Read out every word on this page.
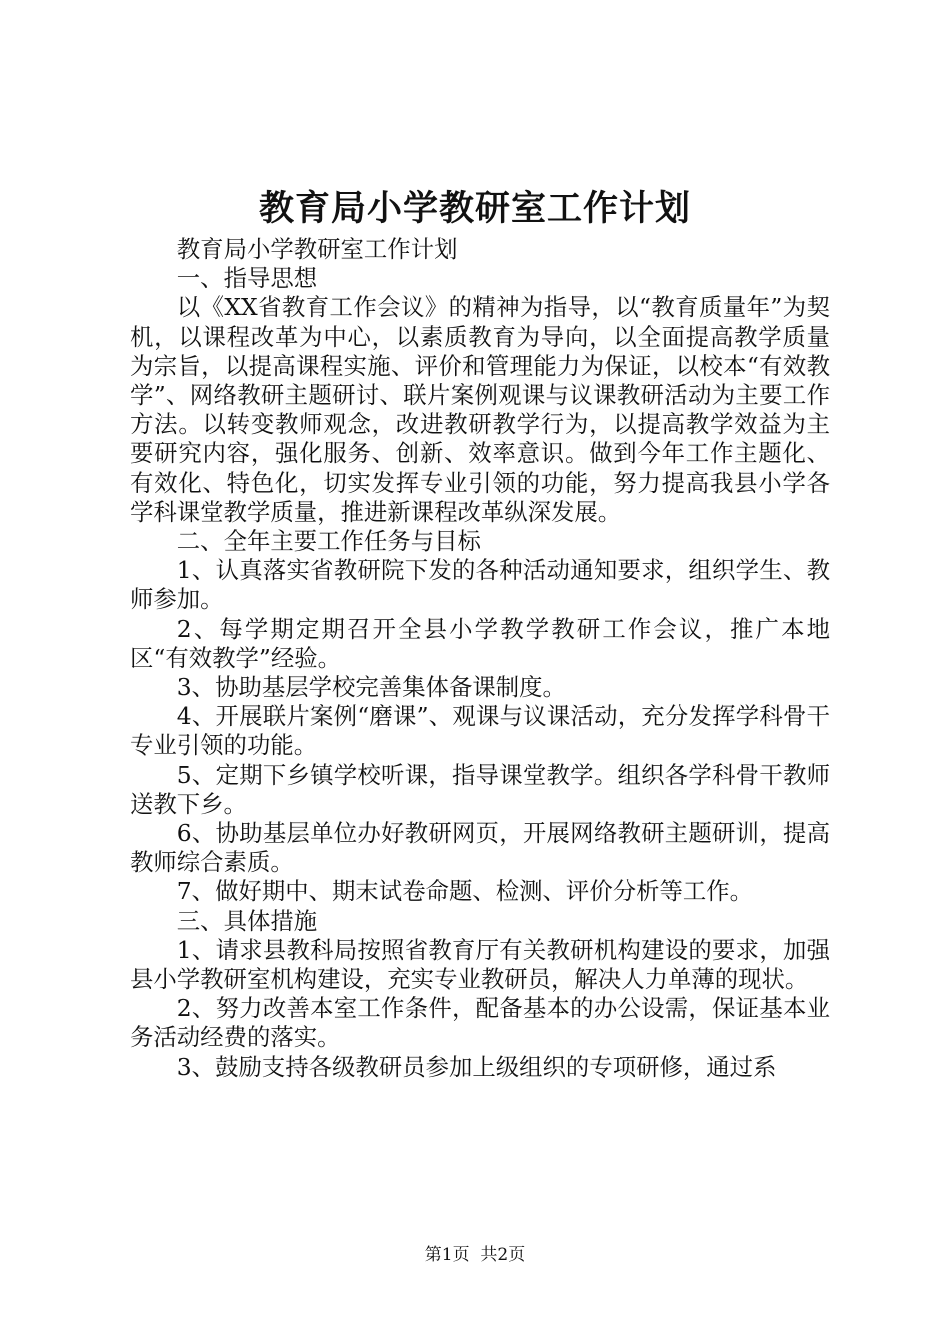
教育局小学教研室工作计划

教育局小学教研室工作计划

一、指导思想

以《XX省教育工作会议》的精神为指导，以“教育质量年”为契机，以课程改革为中心，以素质教育为导向，以全面提高教学质量为宗旨，以提高课程实施、评价和管理能力为保证，以校本“有效教学”、网络教研主题研讨、联片案例观课与议课教研活动为主要工作方法。以转变教师观念，改进教研教学行为，以提高教学效益为主要研究内容，强化服务、创新、效率意识。做到今年工作主题化、有效化、特色化，切实发挥专业引领的功能，努力提高我县小学各学科课堂教学质量，推进新课程改革纵深发展。

二、全年主要工作任务与目标

1、认真落实省教研院下发的各种活动通知要求，组织学生、教师参加。

2、每学期定期召开全县小学教学教研工作会议，推广本地区“有效教学”经验。

3、协助基层学校完善集体备课制度。

4、开展联片案例“磨课”、观课与议课活动，充分发挥学科骨干专业引领的功能。

5、定期下乡镇学校听课，指导课堂教学。组织各学科骨干教师送教下乡。

6、协助基层单位办好教研网页，开展网络教研主题研训，提高教师综合素质。

7、做好期中、期末试卷命题、检测、评价分析等工作。

三、具体措施

1、请求县教科局按照省教育厅有关教研机构建设的要求，加强县小学教研室机构建设，充实专业教研员，解决人力单薄的现状。

2、努力改善本室工作条件，配备基本的办公设需，保证基本业务活动经费的落实。

3、鼓励支持各级教研员参加上级组织的专项研修，通过系

第1页  共2页
